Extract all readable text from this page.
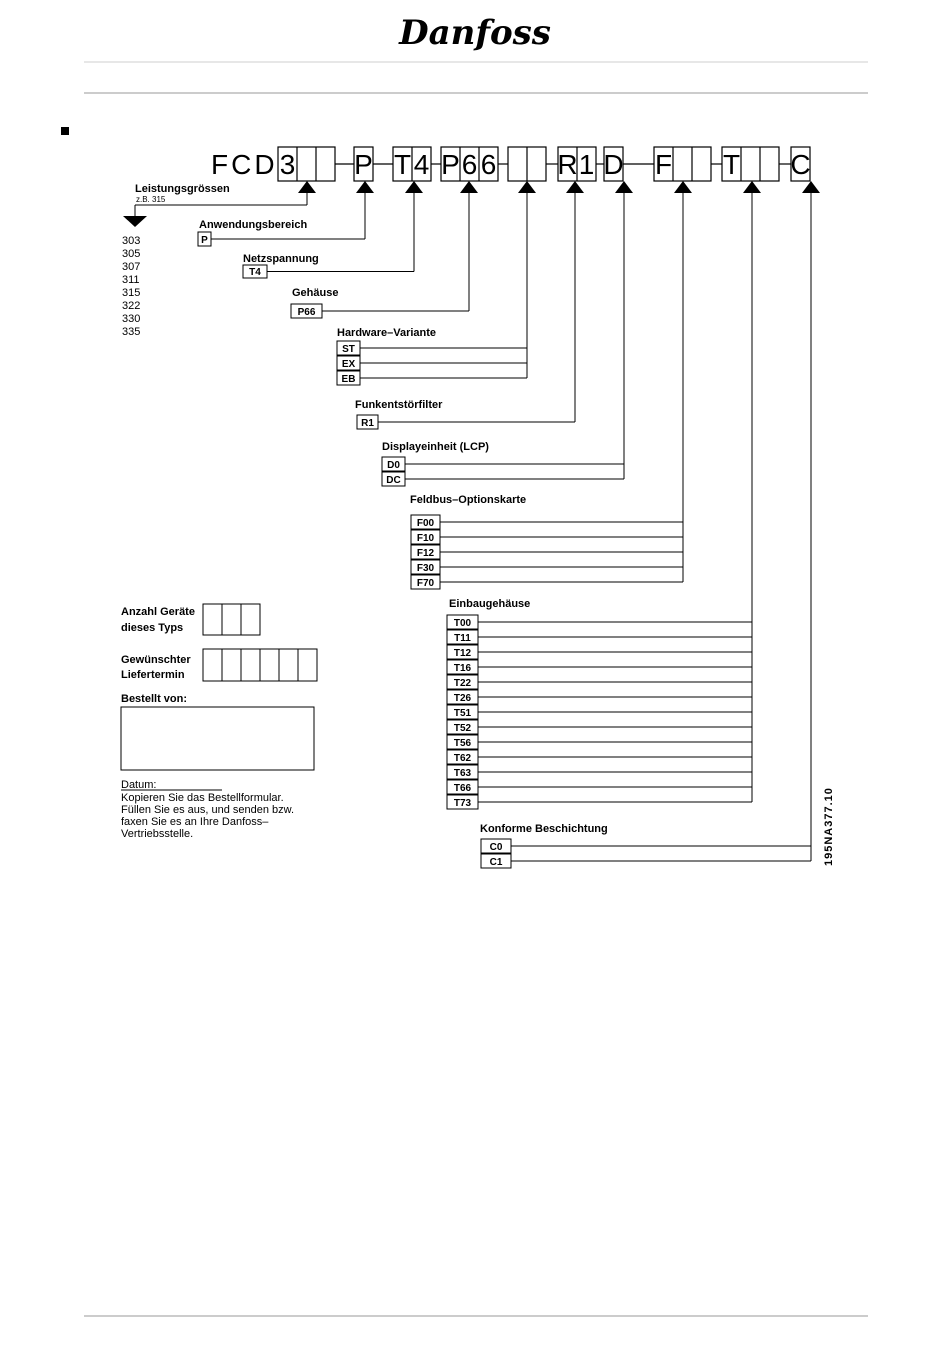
Danfoss
FCD 3 P T 4 P 6 6 R 1 D F T C
Leistungsgrössen
z.B. 315
303
305
307
311
315
322
330
335
Anwendungsbereich
Netzspannung
Gehäuse
Hardware–Variante
Funkentstörfilter
Displayeinheit (LCP)
Feldbus–Optionskarte
Einbaugehäuse
Konforme Beschichtung
P
T4
P66
ST
EX
EB
R1
D0
DC
F00
F10
F12
F30
F70
T00
T11
T12
T16
T22
T26
T51
T52
T56
T62
T63
T66
T73
C0
C1
Anzahl Geräte
dieses Typs
Gewünschter
Liefertermin
Bestellt von:
Datum:
Kopieren Sie das Bestellformular.
Füllen Sie es aus, und senden bzw.
faxen Sie es an Ihre Danfoss–
Vertriebsstelle.	195NA377.10
